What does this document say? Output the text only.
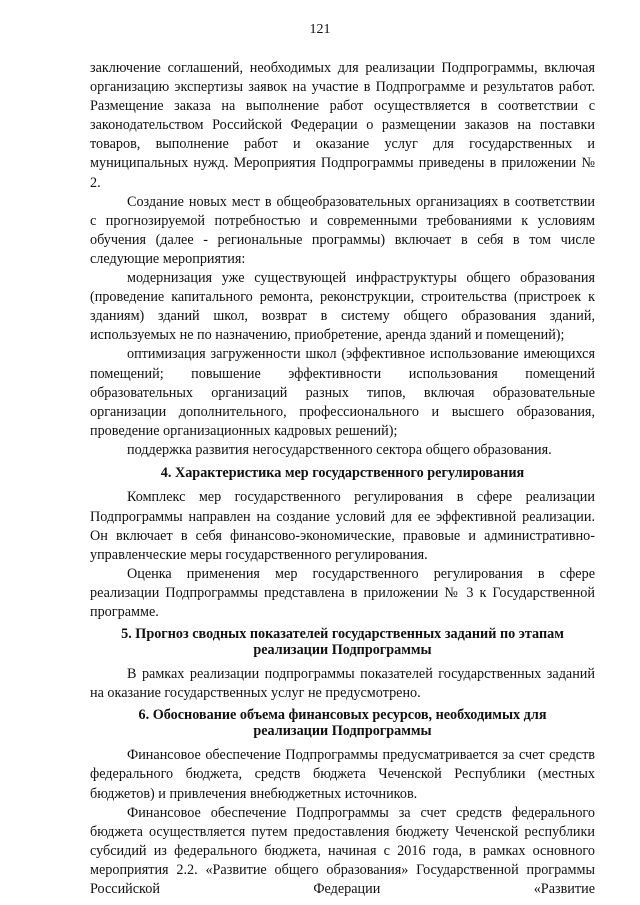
121

заключение соглашений, необходимых для реализации Подпрограммы, включая организацию экспертизы заявок на участие в Подпрограмме и результатов работ. Размещение заказа на выполнение работ осуществляется в соответствии с законодательством Российской Федерации о размещении заказов на поставки товаров, выполнение работ и оказание услуг для государственных и муниципальных нужд. Мероприятия Подпрограммы приведены в приложении № 2.

Создание новых мест в общеобразовательных организациях в соответствии с прогнозируемой потребностью и современными требованиями к условиям обучения (далее - региональные программы) включает в себя в том числе следующие мероприятия:

модернизация уже существующей инфраструктуры общего образования (проведение капитального ремонта, реконструкции, строительства (пристроек к зданиям) зданий школ, возврат в систему общего образования зданий, используемых не по назначению, приобретение, аренда зданий и помещений);

оптимизация загруженности школ (эффективное использование имеющихся помещений; повышение эффективности использования помещений образовательных организаций разных типов, включая образовательные организации дополнительного, профессионального и высшего образования, проведение организационных кадровых решений);

поддержка развития негосударственного сектора общего образования.

4. Характеристика мер государственного регулирования

Комплекс мер государственного регулирования в сфере реализации Подпрограммы направлен на создание условий для ее эффективной реализации. Он включает в себя финансово-экономические, правовые и административно-управленческие меры государственного регулирования.

Оценка применения мер государственного регулирования в сфере реализации Подпрограммы представлена в приложении № 3 к Государственной программе.

5. Прогноз сводных показателей государственных заданий по этапам
реализации Подпрограммы

В рамках реализации подпрограммы показателей государственных заданий на оказание государственных услуг не предусмотрено.

6. Обоснование объема финансовых ресурсов, необходимых для
реализации Подпрограммы

Финансовое обеспечение Подпрограммы предусматривается за счет средств федерального бюджета, средств бюджета Чеченской Республики (местных бюджетов) и привлечения внебюджетных источников.

Финансовое обеспечение Подпрограммы за счет средств федерального бюджета осуществляется путем предоставления бюджету Чеченской республики субсидий из федерального бюджета, начиная с 2016 года, в рамках основного мероприятия 2.2. «Развитие общего образования» Государственной программы Российской Федерации «Развитие
